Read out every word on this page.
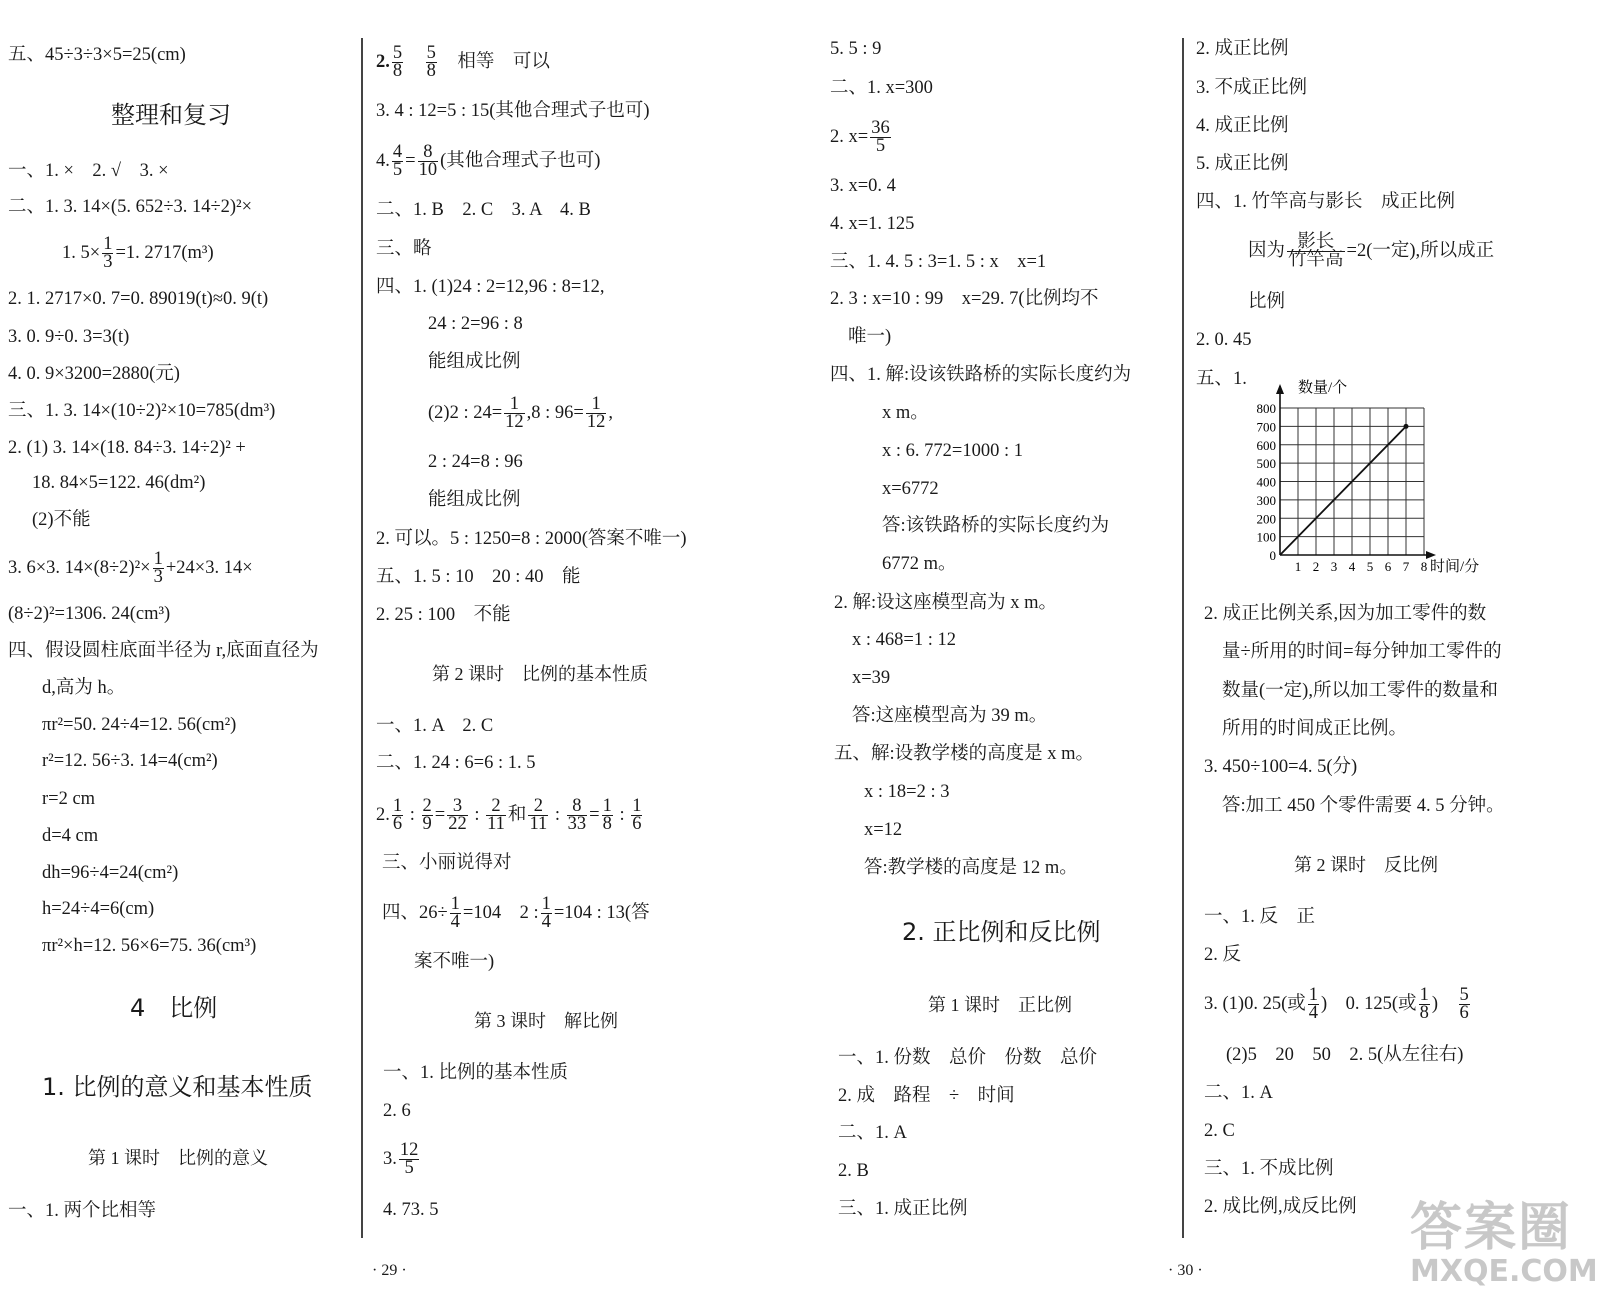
五、45÷3÷3×5=25(cm)
整理和复习
一、1. ×　2. √　3. ×
二、1. 3. 14×(5. 652÷3. 14÷2)²×
1. $5\times \frac{1}{3} =1$. 2717(m³)
2. 1. 2717×0. 7=0. 89019(t)≈0. 9(t)
3. 0. 9÷0. 3=3(t)
4. 0. 9×3200=2880(元)
三、1. 3. 14×(10÷2)²×10=785(dm³)
2. (1) 3. 14×(18. 84÷3. 14÷2)² +
18. 84×5=122. 46(dm²)
(2)不能
3. 6×3. $14\times(8\div 2)^2\times \frac{1}{3} +24\times 3$. 14×
(8÷2)²=1306. 24(cm³)
四、假设圆柱底面半径为 r,底面直径为
d,高为 h。
πr²=50. 24÷4=12. 56(cm²)
r²=12. 56÷3. 14=4(cm²)
r=2 cm
d=4 cm
dh=96÷4=24(cm²)
h=24÷4=6(cm)
πr²×h=12. 56×6=75. 36(cm³)
4　比例
1. 比例的意义和基本性质
第 1 课时　比例的意义
一、1. 两个比相等
2. $\frac{5}{8}$
　 $\frac{5}{8}$
　 相等　可以
3. 4 : 12=5 : 15(其他合理式子也可)
4. $\frac{4}{5} = \frac{8}{10}$ (其他合理式子也可)
二、1. B　2. C　3. A　4. B
三、略
四、1. (1)24 : 2=12,96 : 8=12,
24 : 2=96 : 8
能组成比例
(2)2 : $24= \frac{1}{12} ,8$ : $96= \frac{1}{12}$ ,
2 : 24=8 : 96
能组成比例
2. 可以。5 : 1250=8 : 2000(答案不唯一)
五、1. 5 : 10　20 : 40　能
2. 25 : 100　不能
第 2 课时　比例的基本性质
一、1. A　2. C
二、1. 24 : 6=6 : 1. 5
2. $\frac{1}{6}$ : $\frac{2}{9} = \frac{3}{22}$ : $\frac{2}{11}$ 和 $\frac{2}{11}$ : $\frac{8}{33} = \frac{1}{8}$ : $\frac{1}{6}$
三、小丽说得对
四、$26\div \frac{1}{4} =104$　2 : $\frac{1}{4} =104$ : 13(答
案不唯一)
第 3 课时　解比例
一、1. 比例的基本性质
2. 6
3. $\frac{12}{5}$
4. 73. 5
· 29 ·
5. 5 : 9
二、1. x=300
2. $x= \frac{36}{5}$
3. x=0. 4
4. x=1. 125
三、1. 4. 5 : 3=1. 5 : x　x=1
2. 3 : x=10 : 99　x=29. 7(比例均不
唯一)
四、1. 解:设该铁路桥的实际长度约为
x m。
x : 6. 772=1000 : 1
x=6772
答:该铁路桥的实际长度约为
6772 m。
2. 解:设这座模型高为 x m。
x : 468=1 : 12
x=39
答:这座模型高为 39 m。
五、解:设教学楼的高度是 x m。
x : 18=2 : 3
x=12
答:教学楼的高度是 12 m。
2. 正比例和反比例
第 1 课时　正比例
一、1. 份数　总价　份数　总价
2. 成　路程　÷　时间
二、1. A
2. B
三、1. 成正比例
2. 成正比例
3. 不成正比例
4. 成正比例
5. 成正比例
四、1. 竹竿高与影长　成正比例
因为 $\frac{\text{影长}}{\text{竹竿高}} =2$(一定),所以成正
比例
2. 0. 45
五、1.
0
100
200
300
400
500
600
700
800
1 2 3 4 5 6 7 8
数量/个
时间/分
2. 成正比例关系,因为加工零件的数
量÷所用的时间=每分钟加工零件的
数量(一定),所以加工零件的数量和
所用的时间成正比例。
3. 450÷100=4. 5(分)
答:加工 450 个零件需要 4. 5 分钟。
第 2 课时　反比例
一、1. 反　正
2. 反
3. (1)0. 25(或 $\frac{1}{4}$ )　0. 125(或 $\frac{1}{8}$ )　 $\frac{5}{6}$
(2)5　20　50　2. 5(从左往右)
二、1. A
2. C
三、1. 不成比例
2. 成比例,成反比例
· 30 ·
答案圈
MXQE.COM
